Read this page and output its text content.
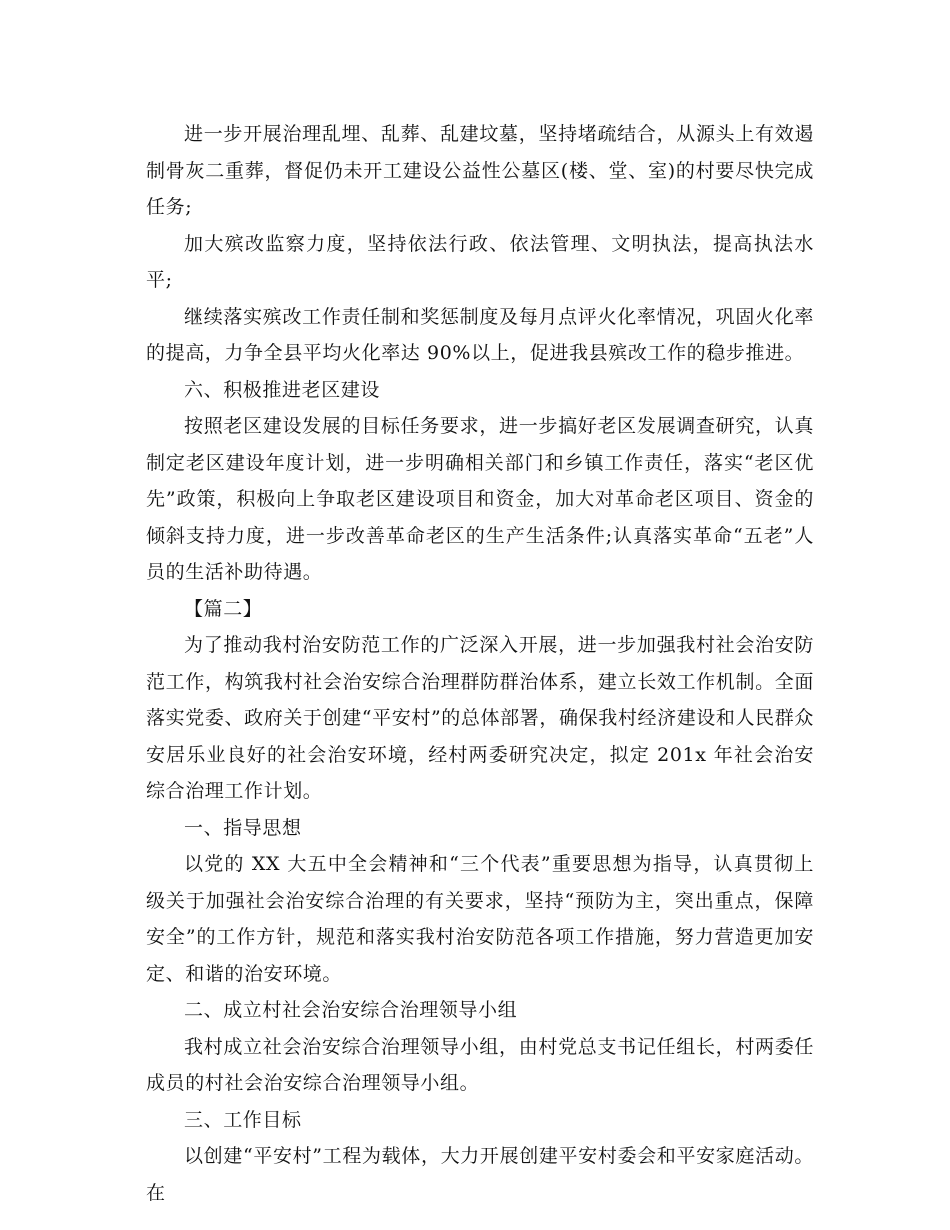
进一步开展治理乱埋、乱葬、乱建坟墓，坚持堵疏结合，从源头上有效遏制骨灰二重葬，督促仍未开工建设公益性公墓区(楼、堂、室)的村要尽快完成任务;

加大殡改监察力度，坚持依法行政、依法管理、文明执法，提高执法水平;

继续落实殡改工作责任制和奖惩制度及每月点评火化率情况，巩固火化率的提高，力争全县平均火化率达 90%以上，促进我县殡改工作的稳步推进。

六、积极推进老区建设

按照老区建设发展的目标任务要求，进一步搞好老区发展调查研究，认真制定老区建设年度计划，进一步明确相关部门和乡镇工作责任，落实“老区优先”政策，积极向上争取老区建设项目和资金，加大对革命老区项目、资金的倾斜支持力度，进一步改善革命老区的生产生活条件;认真落实革命“五老”人员的生活补助待遇。

【篇二】

为了推动我村治安防范工作的广泛深入开展，进一步加强我村社会治安防范工作，构筑我村社会治安综合治理群防群治体系，建立长效工作机制。全面落实党委、政府关于创建“平安村”的总体部署，确保我村经济建设和人民群众安居乐业良好的社会治安环境，经村两委研究决定，拟定 201x 年社会治安综合治理工作计划。

一、指导思想

以党的 XX 大五中全会精神和“三个代表”重要思想为指导，认真贯彻上级关于加强社会治安综合治理的有关要求，坚持“预防为主，突出重点，保障安全”的工作方针，规范和落实我村治安防范各项工作措施，努力营造更加安定、和谐的治安环境。

二、成立村社会治安综合治理领导小组

我村成立社会治安综合治理领导小组，由村党总支书记任组长，村两委任成员的村社会治安综合治理领导小组。

三、工作目标

以创建“平安村”工程为载体，大力开展创建平安村委会和平安家庭活动。在
